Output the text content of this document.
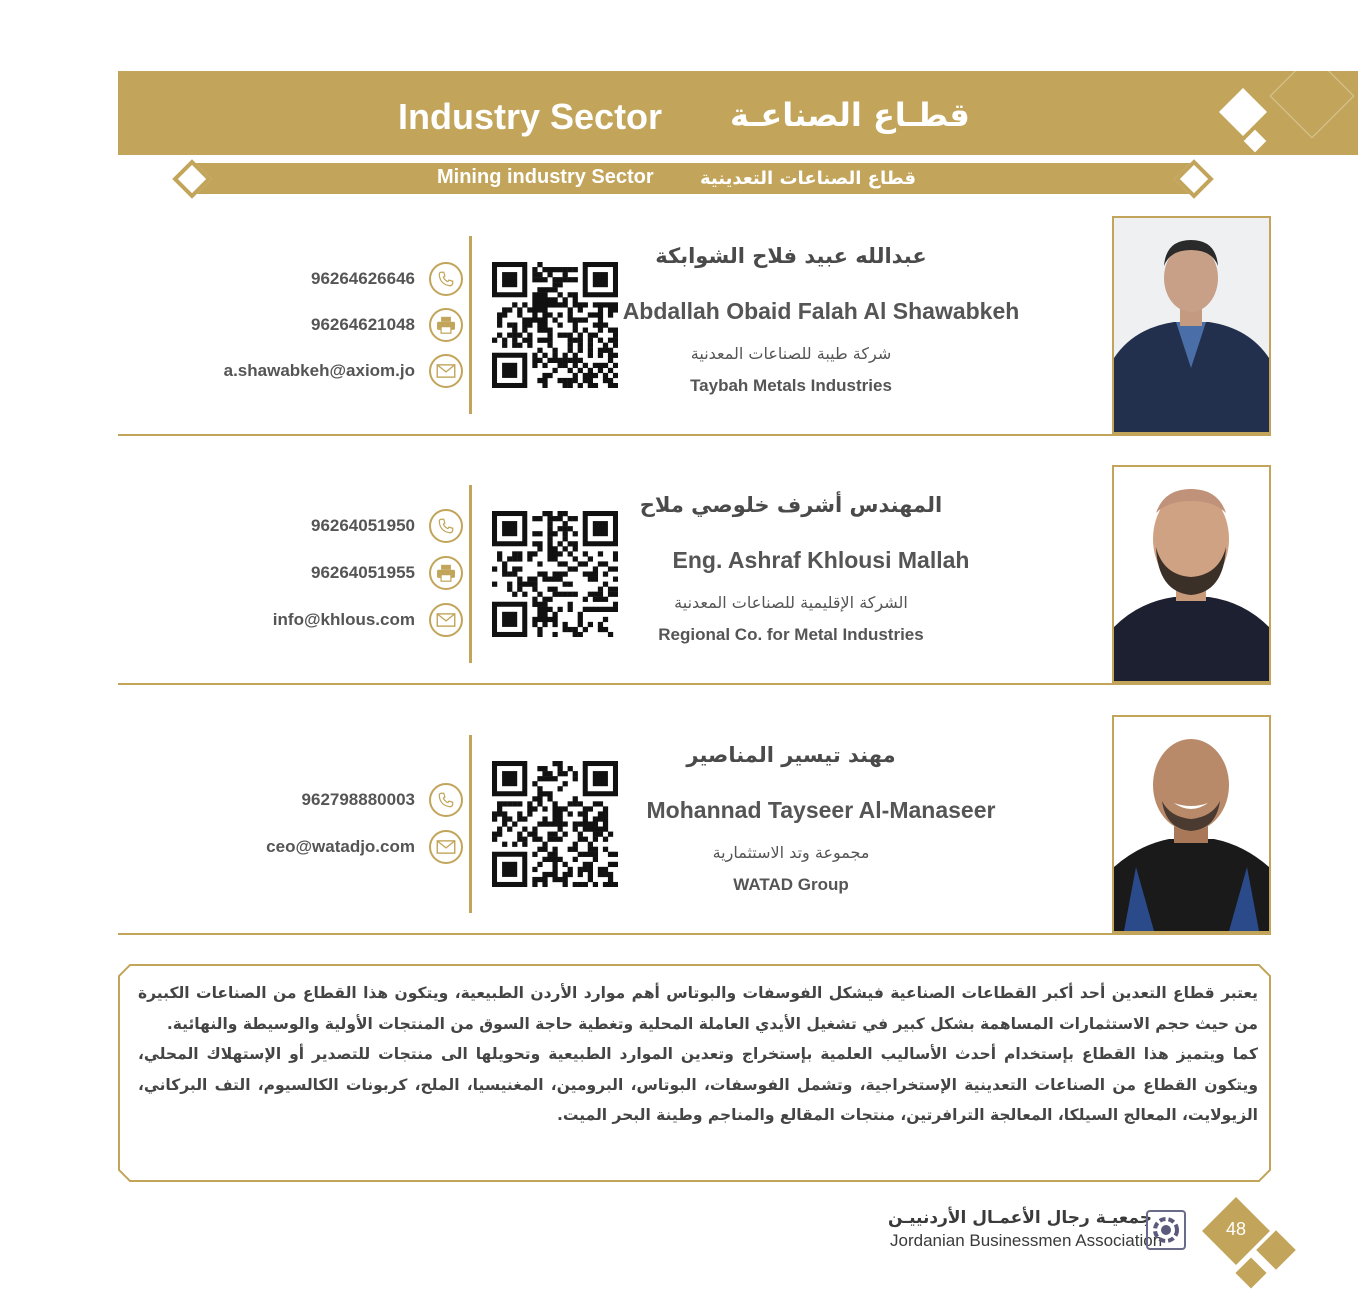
Industry Sector قطـاع الصناعـة
Mining industry Sector	قطاع الصناعات التعدينية
عبدالله عبيد فلاح الشوابكة
Abdallah Obaid Falah Al Shawabkeh
شركة طيبة للصناعات المعدنية
Taybah Metals Industries
96264626646
96264621048
a.shawabkeh@axiom.jo
المهندس أشرف خلوصي ملاح
Eng. Ashraf Khlousi Mallah
الشركة الإقليمية للصناعات المعدنية
Regional Co. for Metal Industries
96264051950
96264051955
info@khlous.com
مهند تيسير المناصير
Mohannad Tayseer Al-Manaseer
مجموعة وتد الاستثمارية
WATAD Group
962798880003
ceo@watadjo.com
يعتبر قطاع التعدين أحد أكبر القطاعات الصناعية فيشكل الفوسفات والبوتاس أهم موارد الأردن الطبيعية، ويتكون هذا القطاع من الصناعات الكبيرة من حيث حجم الاستثمارات المساهمة بشكل كبير في تشغيل الأيدي العاملة المحلية وتغطية حاجة السوق من المنتجات الأولية والوسيطة والنهائية.
كما ويتميز هذا القطاع بإستخدام أحدث الأساليب العلمية بإستخراج وتعدين الموارد الطبيعية وتحويلها الى منتجات للتصدير أو الإستهلاك المحلي، ويتكون القطاع من الصناعات التعدينية الإستخراجية، وتشمل الفوسفات، البوتاس، البرومين، المغنيسيا، الملح، كربونات الكالسيوم، التف البركاني، الزيولايت، المعالج السيلكا، المعالجة الترافرتين، منتجات المقالع والمناجم وطينة البحر الميت.
جمعيـة رجال الأعمـال الأردنييـن
Jordanian Businessmen Association
48
